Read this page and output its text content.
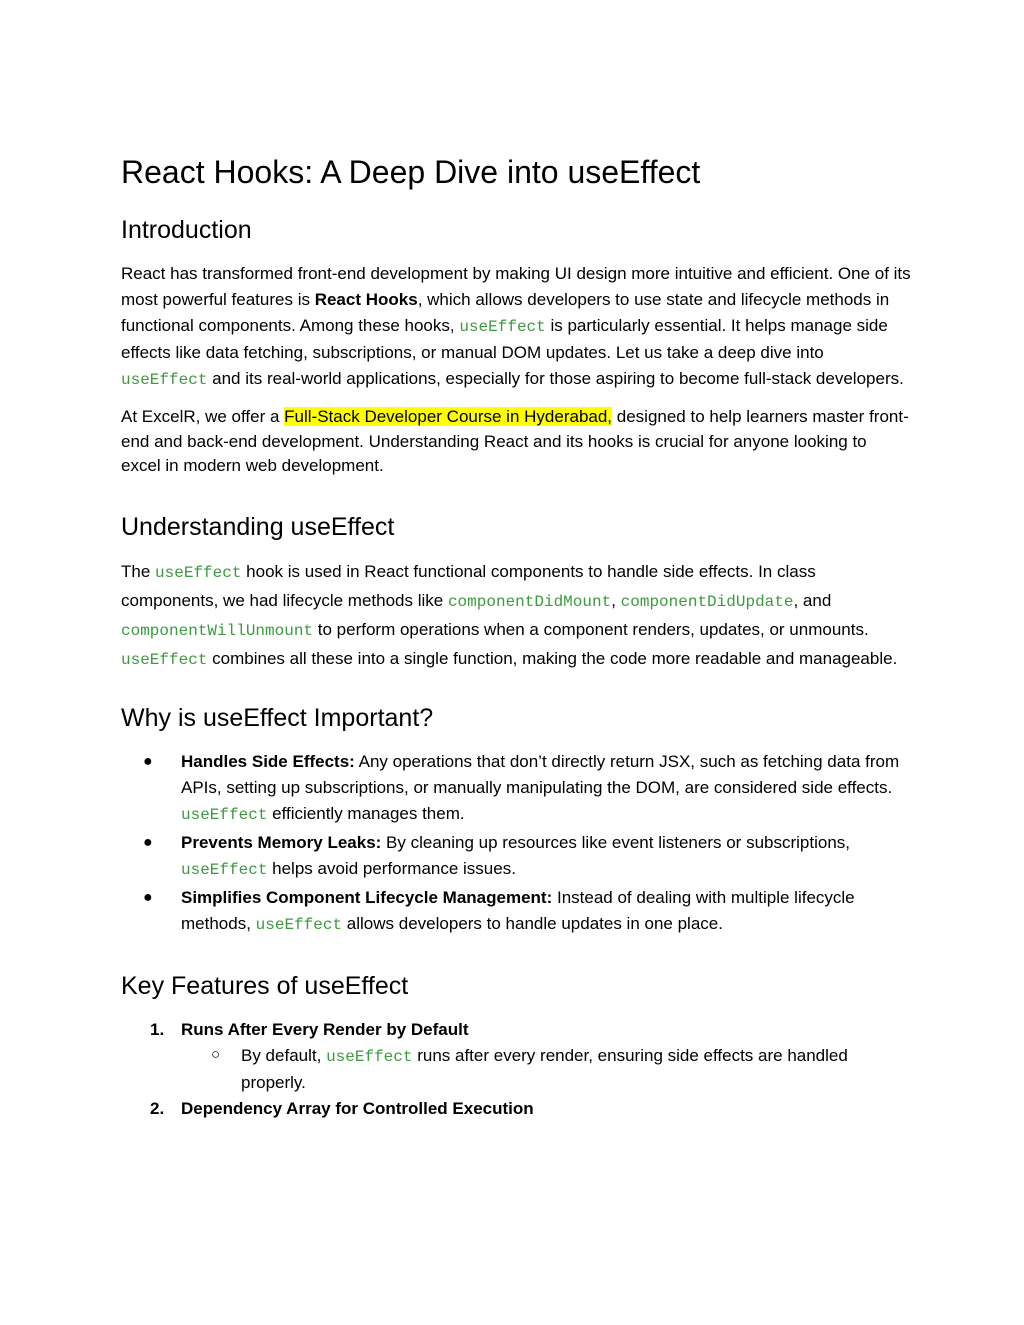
React Hooks: A Deep Dive into useEffect
Introduction

React has transformed front-end development by making UI design more intuitive and efficient. One of its most powerful features is React Hooks, which allows developers to use state and lifecycle methods in functional components. Among these hooks, useEffect is particularly essential. It helps manage side effects like data fetching, subscriptions, or manual DOM updates. Let us take a deep dive into useEffect and its real-world applications, especially for those aspiring to become full-stack developers.

At ExcelR, we offer a Full-Stack Developer Course in Hyderabad, designed to help learners master front-end and back-end development. Understanding React and its hooks is crucial for anyone looking to excel in modern web development.

Understanding useEffect

The useEffect hook is used in React functional components to handle side effects. In class components, we had lifecycle methods like componentDidMount, componentDidUpdate, and componentWillUnmount to perform operations when a component renders, updates, or unmounts. useEffect combines all these into a single function, making the code more readable and manageable.

Why is useEffect Important?
● Handles Side Effects: Any operations that don’t directly return JSX, such as fetching data from APIs, setting up subscriptions, or manually manipulating the DOM, are considered side effects. useEffect efficiently manages them.
● Prevents Memory Leaks: By cleaning up resources like event listeners or subscriptions, useEffect helps avoid performance issues.
● Simplifies Component Lifecycle Management: Instead of dealing with multiple lifecycle methods, useEffect allows developers to handle updates in one place.
Key Features of useEffect
1. Runs After Every Render by Default
○ By default, useEffect runs after every render, ensuring side effects are handled properly.
2. Dependency Array for Controlled Execution
